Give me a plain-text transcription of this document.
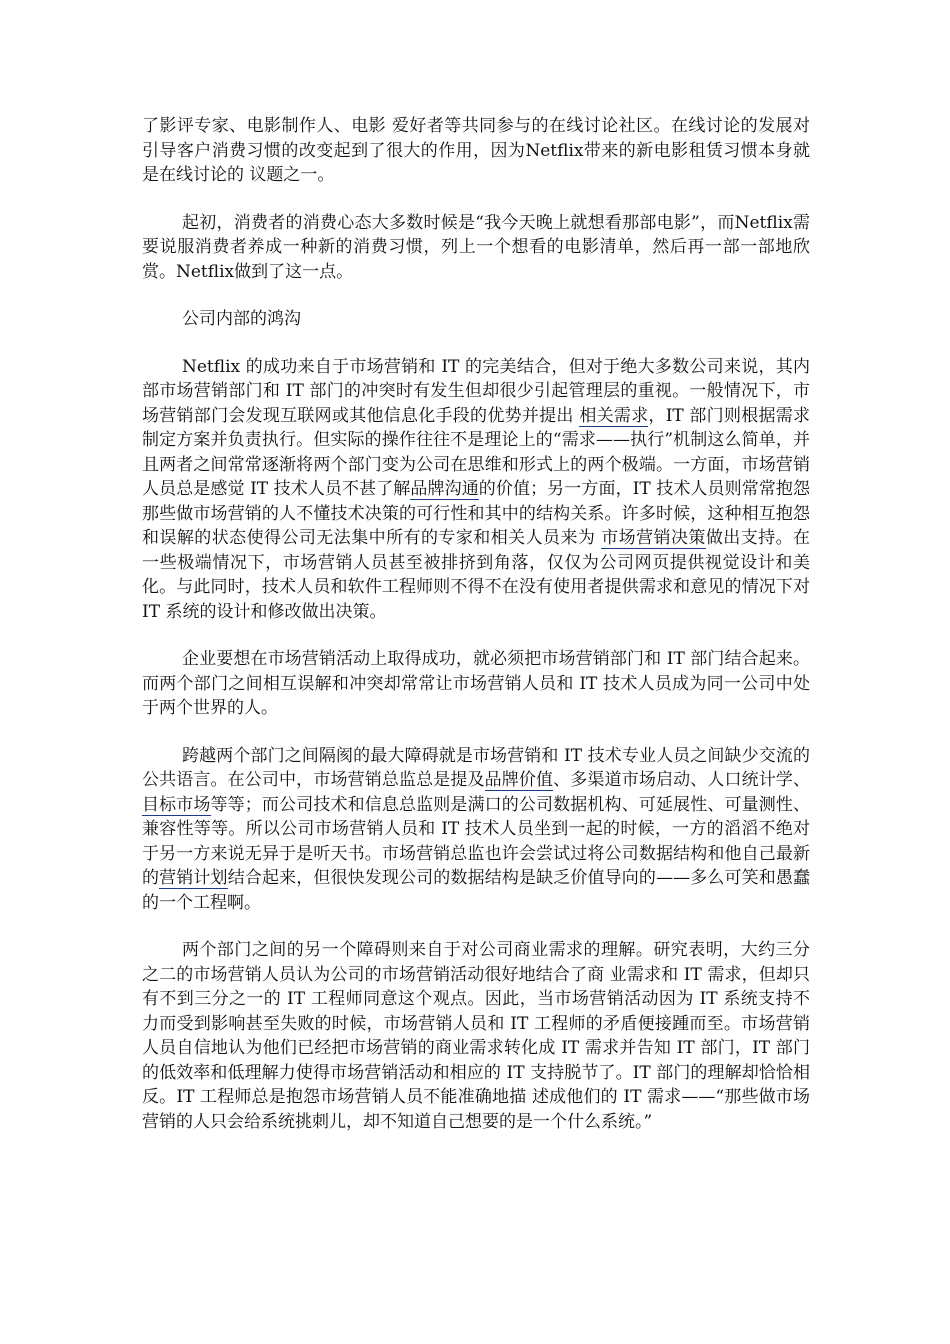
了影评专家、电影制作人、电影 爱好者等共同参与的在线讨论社区。在线讨论的发展对引导客户消费习惯的改变起到了很大的作用，因为Netflix带来的新电影租赁习惯本身就是在线讨论的 议题之一。

起初，消费者的消费心态大多数时候是“我今天晚上就想看那部电影”，而Netflix需要说服消费者养成一种新的消费习惯，列上一个想看的电影清单，然后再一部一部地欣赏。Netflix做到了这一点。

公司内部的鸿沟

Netflix 的成功来自于市场营销和 IT 的完美结合，但对于绝大多数公司来说，其内部市场营销部门和 IT 部门的冲突时有发生但却很少引起管理层的重视。一般情况下，市场营销部门会发现互联网或其他信息化手段的优势并提出 相关需求，IT 部门则根据需求制定方案并负责执行。但实际的操作往往不是理论上的“需求——执行”机制这么简单，并且两者之间常常逐渐将两个部门变为公司在思维和形式上的两个极端。一方面，市场营销人员总是感觉 IT 技术人员不甚了解品牌沟通的价值；另一方面，IT 技术人员则常常抱怨那些做市场营销的人不懂技术决策的可行性和其中的结构关系。许多时候，这种相互抱怨和误解的状态使得公司无法集中所有的专家和相关人员来为 市场营销决策做出支持。在一些极端情况下，市场营销人员甚至被排挤到角落，仅仅为公司网页提供视觉设计和美化。与此同时，技术人员和软件工程师则不得不在没有使用者提供需求和意见的情况下对 IT 系统的设计和修改做出决策。

企业要想在市场营销活动上取得成功，就必须把市场营销部门和 IT 部门结合起来。而两个部门之间相互误解和冲突却常常让市场营销人员和 IT 技术人员成为同一公司中处于两个世界的人。

跨越两个部门之间隔阂的最大障碍就是市场营销和 IT 技术专业人员之间缺少交流的公共语言。在公司中，市场营销总监总是提及品牌价值、多渠道市场启动、人口统计学、目标市场等等；而公司技术和信息总监则是满口的公司数据机构、可延展性、可量测性、兼容性等等。所以公司市场营销人员和 IT 技术人员坐到一起的时候，一方的滔滔不绝对于另一方来说无异于是听天书。市场营销总监也许会尝试过将公司数据结构和他自己最新的营销计划结合起来，但很快发现公司的数据结构是缺乏价值导向的——多么可笑和愚蠢的一个工程啊。

两个部门之间的另一个障碍则来自于对公司商业需求的理解。研究表明，大约三分之二的市场营销人员认为公司的市场营销活动很好地结合了商 业需求和 IT 需求，但却只有不到三分之一的 IT 工程师同意这个观点。因此，当市场营销活动因为 IT 系统支持不力而受到影响甚至失败的时候，市场营销人员和 IT 工程师的矛盾便接踵而至。市场营销人员自信地认为他们已经把市场营销的商业需求转化成 IT 需求并告知 IT 部门，IT 部门的低效率和低理解力使得市场营销活动和相应的 IT 支持脱节了。IT 部门的理解却恰恰相反。IT 工程师总是抱怨市场营销人员不能准确地描 述成他们的 IT 需求——“那些做市场营销的人只会给系统挑刺儿，却不知道自己想要的是一个什么系统。”
